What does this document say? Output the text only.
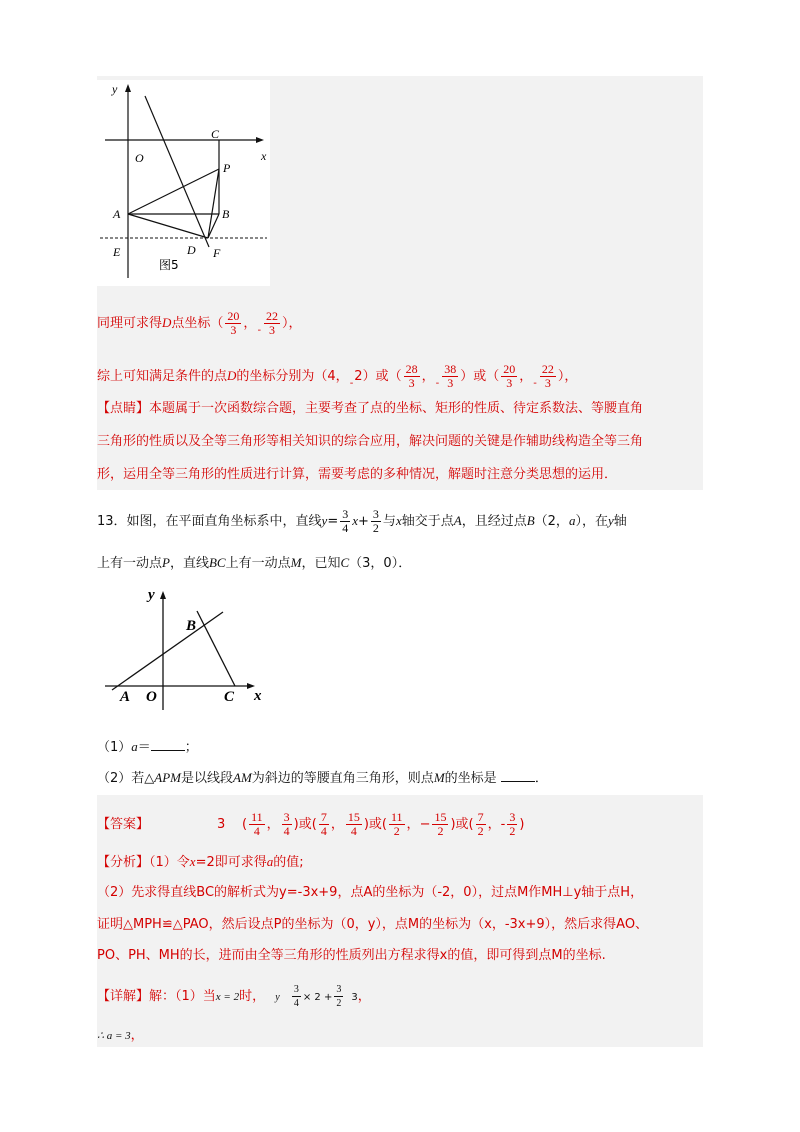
y
x
C
O
P
A	B
E	D F
图5
同理可求得D点坐标（ $\frac{20}{3}$ ，$_- \frac{22}{3}$ ），
综上可知满足条件的点D的坐标分别为（4，$_-$2）或（ $\frac{28}{3}$ ，$_- \frac{38}{3}$ ）或（ $\frac{20}{3}$ ，$_- \frac{22}{3}$ ），
【点睛】本题属于一次函数综合题，主要考查了点的坐标、矩形的性质、待定系数法、等腰直角
三角形的性质以及全等三角形等相关知识的综合应用，解决问题的关键是作辅助线构造全等三角
形，运用全等三角形的性质进行计算，需要考虑的多种情况，解题时注意分类思想的运用．
13．如图，在平面直角坐标系中，直线$y= \frac{3}{4} x+ \frac{3}{2}$ 与x轴交于点A，且经过点B（2，a），在y轴
上有一动点P，直线BC上有一动点M，已知C（3，0）．
y
B
A O	C x
（1）a＝	；
（2）若△APM是以线段AM为斜边的等腰直角三角形，则点M的坐标是	．
【答案】	3 ( $\frac{11}{4}$ ， $\frac{3}{4}$ )或( $\frac{7}{4}$ ， $\frac{15}{4}$ )或( $\frac{11}{2}$ ，− $\frac{15}{2}$ )或( $\frac{7}{2}$ ，- $\frac{3}{2}$ )
【分析】（1）令x=2即可求得a的值;
（2）先求得直线BC的解析式为y=-3x+9，点A的坐标为（-2，0），过点M作MH⊥y轴于点H，
证明△MPH≌△PAO，然后设点P的坐标为（0，y），点M的坐标为（x，-3x+9），然后求得AO、
PO、PH、MH的长，进而由全等三角形的性质列出方程求得x的值，即可得到点M的坐标.
【详解】解：（1）当x = 2时， y $\frac{3}{4} \times 2 + \frac{3}{2} 3$，
∴ a = 3，
